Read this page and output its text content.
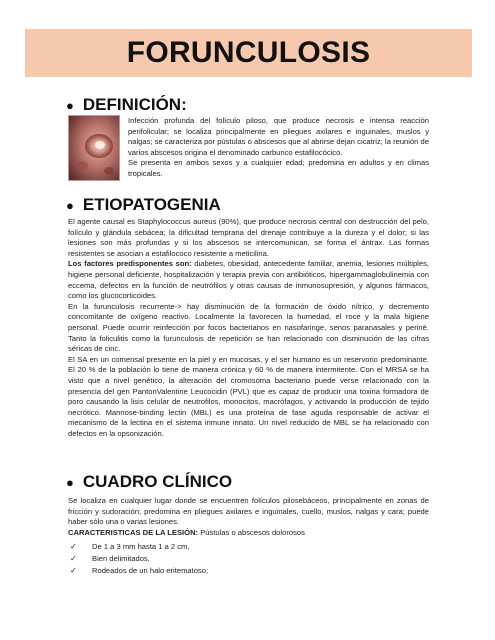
FORUNCULOSIS
● DEFINICIÓN:

Infección profunda del folículo piloso, que produce necrosis e intensa reacción perifolicular; se localiza principalmente en pliegues axilares e inguinales, muslos y nalgas; se caracteriza por pústulas o abscesos que al abrirse dejan cicatriz; la reunión de varios abscesos origina el denominado carbunco estafilocócico.

Se presenta en ambos sexos y a cualquier edad; predomina en adultos y en climas tropicales.

● ETIOPATOGENIA

El agente causal es Staphylococcus aureus (90%), que produce necrosis central con destrucción del pelo, folículo y glándula sebácea; la dificultad temprana del drenaje contribuye a la dureza y el dolor; si las lesiones son más profundas y si los abscesos se intercomunican, se forma el ántrax. Las formas resistentes se asocian a estafilococo resistente a meticilina.

Los factores predisponentes son: diabetes, obesidad, antecedente familiar, anemia, lesiones múltiples, higiene personal deficiente, hospitalización y terapia previa con antibióticos, hipergammaglobulinemia con eccema, defectos en la función de neutrófilos y otras causas de inmunosupresión, y algunos fármacos, como los glucocorticoides.

En la furunculosis recurrente-> hay disminución de la formación de óxido nítrico, y decremento concomitante de oxígeno reactivo. Localmente la favorecen la humedad, el roce y la mala higiene personal. Puede ocurrir reinfección por focos bacterianos en nasofaringe, senos paranasales y periné. Tanto la foliculitis como la furunculosis de repetición se han relacionado con disminución de las cifras séricas de cinc.

El SA en un comensal presente en la piel y en mucosas, y el ser humano es un reservorio predominante. El 20 % de la población lo tiene de manera crónica y 60 % de manera intermitente. Con el MRSA se ha visto que a nivel genético, la alteración del cromosoma bacteriano puede verse relacionado con la presencia del gen PantonValentine Leucocidin (PVL) que es capaz de producir una toxina formadora de poro causando la lisis celular de neutrofilos, monocitos, macrófagos, y activando la producción de tejido necrótico. Mannose-binding lectin (MBL) es una proteína de fase aguda responsable de activar el mecanismo de la lectina en el sistema inmune innato. Un nivel reducido de MBL se ha relacionado con defectos en la opsonización.

● CUADRO CLÍNICO

Se localiza en cualquier lugar donde se encuentren folículos pilosebáceos, principalmente en zonas de fricción y sudoración; predomina en pliegues axilares e inguinales, cuello, muslos, nalgas y cara; puede haber sólo una o varias lesiones.

CARACTERISTICAS DE LA LESIÓN: Pústulas o abscesos dolorosos

✓	De 1 a 3 mm hasta 1 a 2 cm,
✓	Bien delimitados,
✓	Rodeados de un halo eritematoso;
